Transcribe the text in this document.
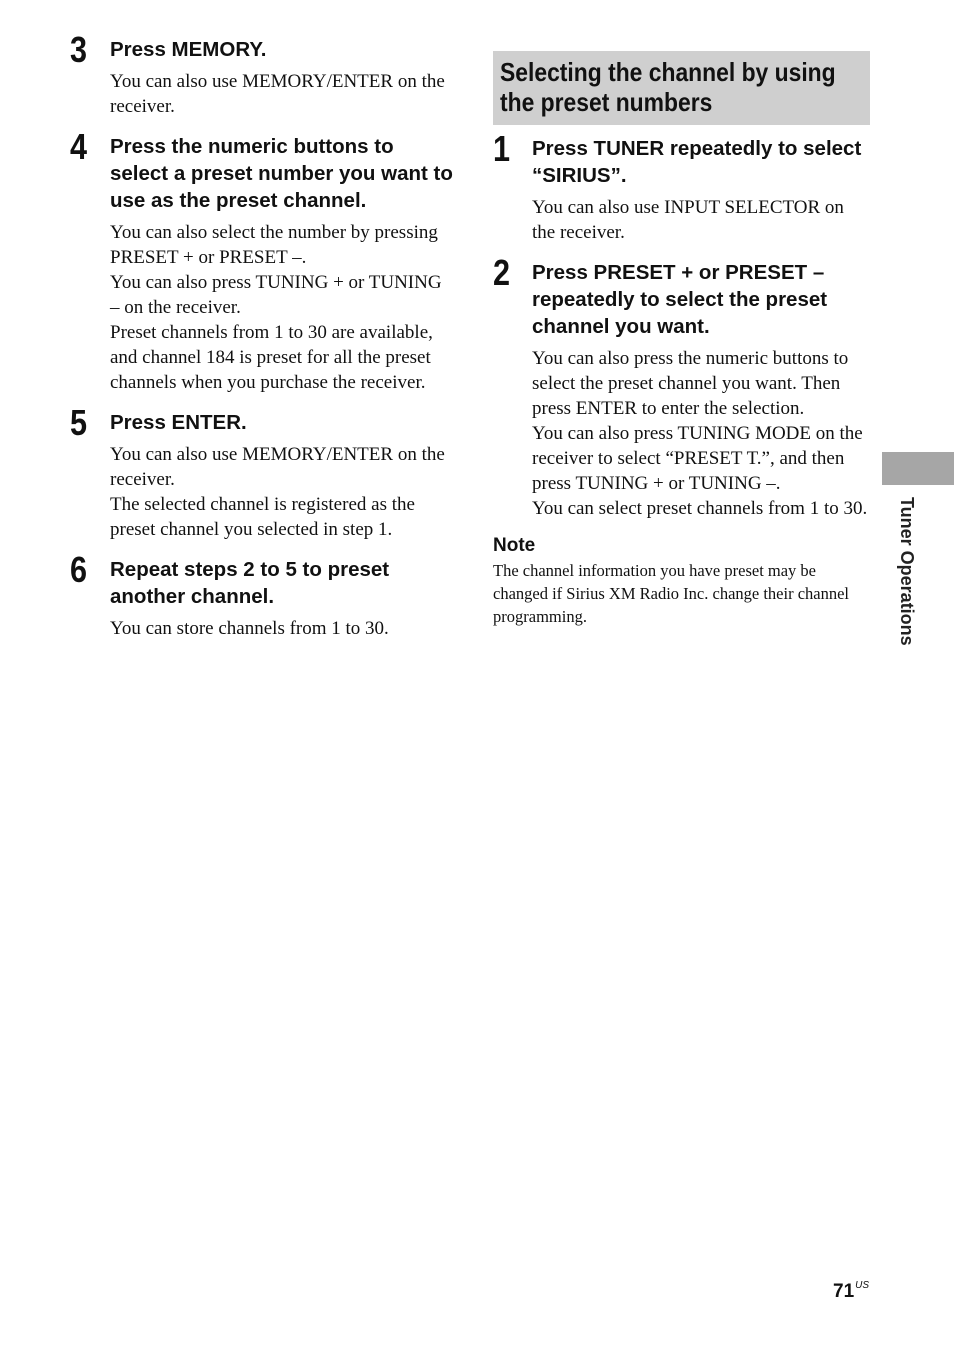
3 Press MEMORY.

You can also use MEMORY/ENTER on the receiver.

4 Press the numeric buttons to select a preset number you want to use as the preset channel.

You can also select the number by pressing PRESET + or PRESET –.

You can also press TUNING + or TUNING – on the receiver.

Preset channels from 1 to 30 are available, and channel 184 is preset for all the preset channels when you purchase the receiver.

5 Press ENTER.

You can also use MEMORY/ENTER on the receiver.

The selected channel is registered as the preset channel you selected in step 1.

6 Repeat steps 2 to 5 to preset another channel.

You can store channels from 1 to 30.

Selecting the channel by using the preset numbers
1 Press TUNER repeatedly to select “SIRIUS”.

You can also use INPUT SELECTOR on the receiver.

2 Press PRESET + or PRESET – repeatedly to select the preset channel you want.

You can also press the numeric buttons to select the preset channel you want. Then press ENTER to enter the selection.

You can also press TUNING MODE on the receiver to select “PRESET T.”, and then press TUNING + or TUNING –.

You can select preset channels from 1 to 30.

Note

The channel information you have preset may be changed if Sirius XM Radio Inc. change their channel programming.	Tuner Operations
$71^{US}$
